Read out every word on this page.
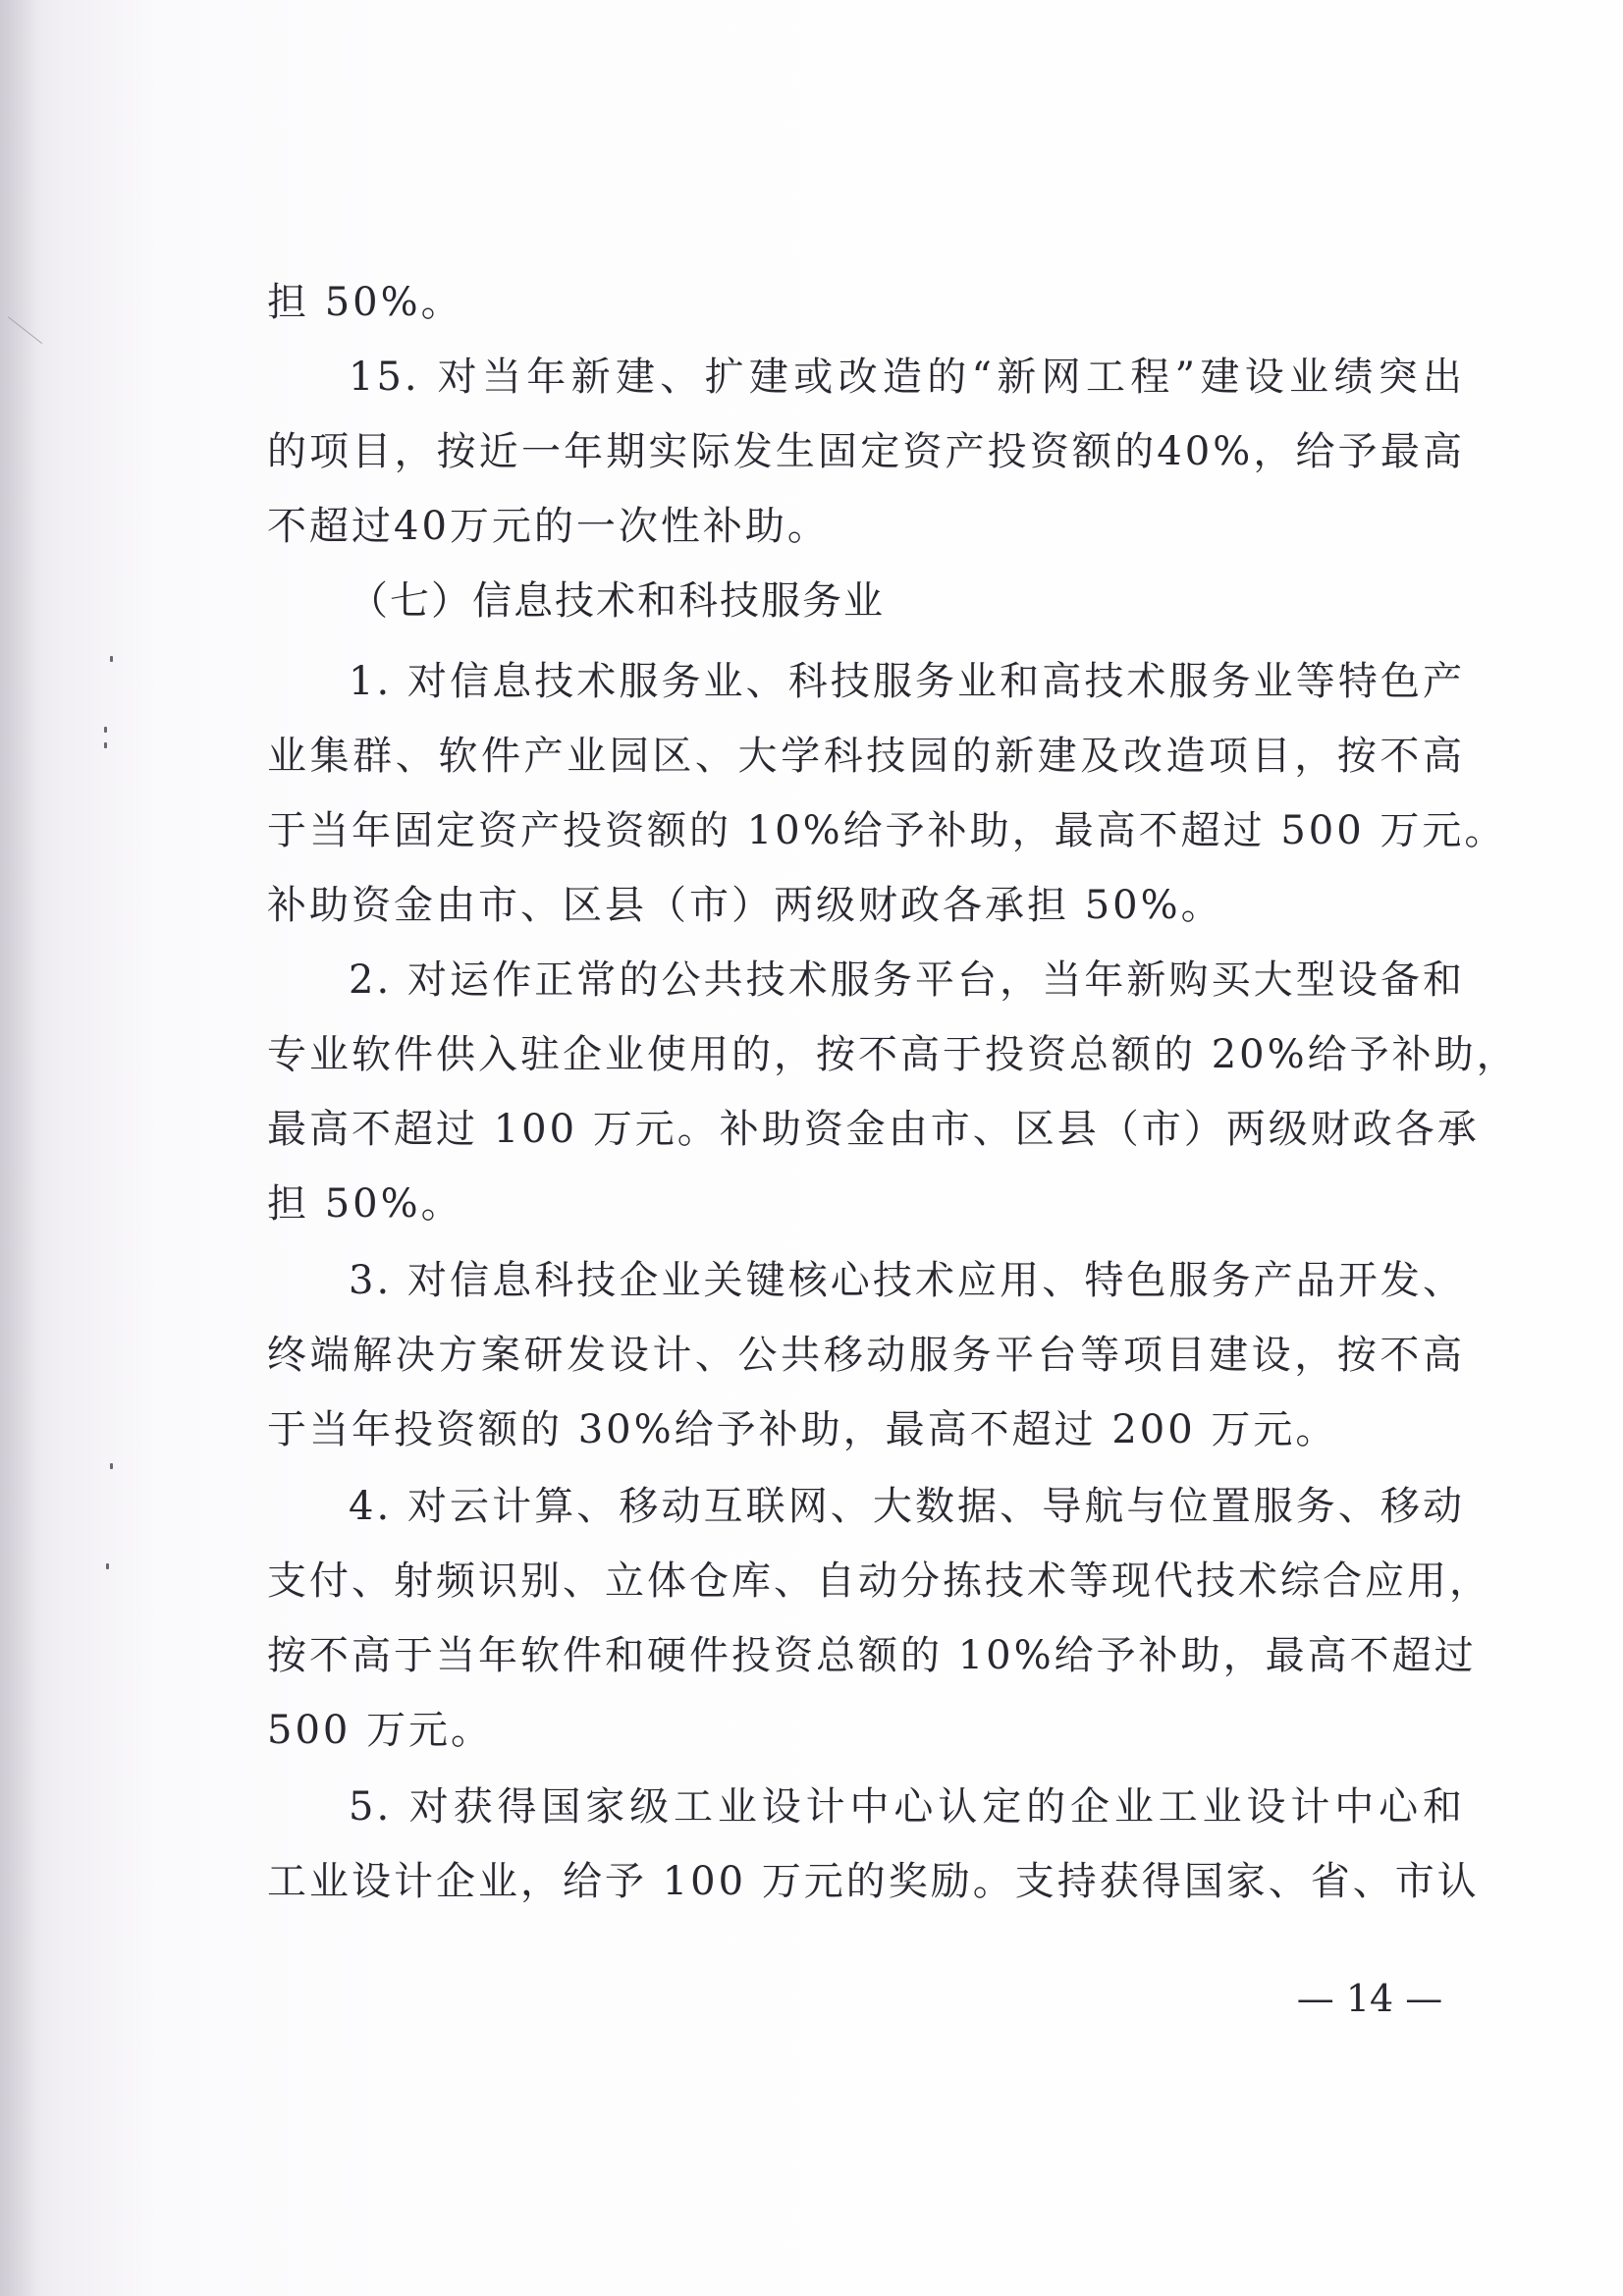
担 50%。
15. 对当年新建、扩建或改造的“新网工程”建设业绩突出
的项目，按近一年期实际发生固定资产投资额的40%，给予最高
不超过40万元的一次性补助。
（七）信息技术和科技服务业
1. 对信息技术服务业、科技服务业和高技术服务业等特色产
业集群、软件产业园区、大学科技园的新建及改造项目，按不高
于当年固定资产投资额的 10%给予补助，最高不超过 500 万元。
补助资金由市、区县（市）两级财政各承担 50%。
2. 对运作正常的公共技术服务平台，当年新购买大型设备和
专业软件供入驻企业使用的，按不高于投资总额的 20%给予补助，
最高不超过 100 万元。补助资金由市、区县（市）两级财政各承
担 50%。
3. 对信息科技企业关键核心技术应用、特色服务产品开发、
终端解决方案研发设计、公共移动服务平台等项目建设，按不高
于当年投资额的 30%给予补助，最高不超过 200 万元。
4. 对云计算、移动互联网、大数据、导航与位置服务、移动
支付、射频识别、立体仓库、自动分拣技术等现代技术综合应用，
按不高于当年软件和硬件投资总额的 10%给予补助，最高不超过
500 万元。
5. 对获得国家级工业设计中心认定的企业工业设计中心和
工业设计企业，给予 100 万元的奖励。支持获得国家、省、市认
— 14 —
